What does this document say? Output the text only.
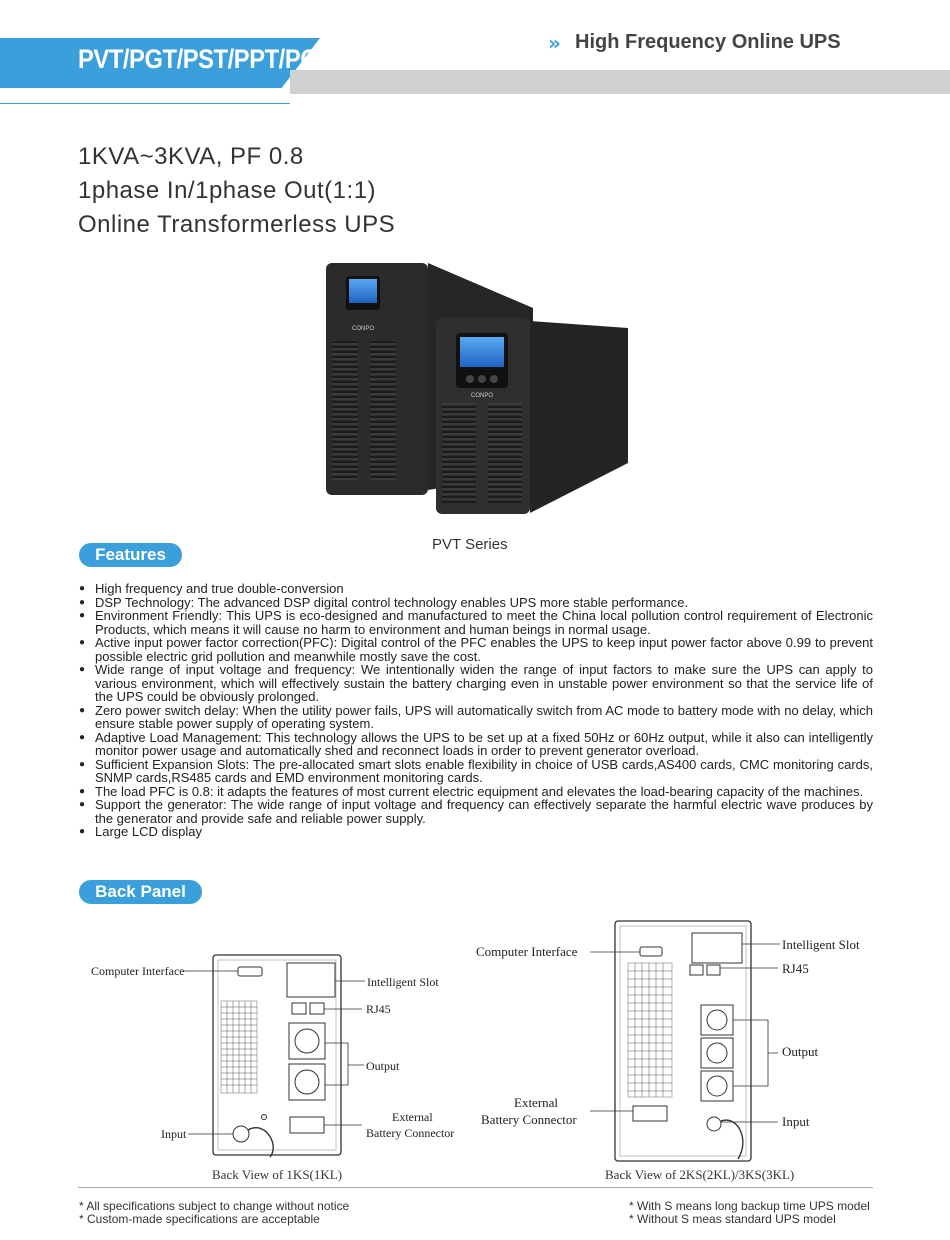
PVT/PGT/PST/PPT/POT
» High Frequency Online UPS
1KVA~3KVA, PF 0.8
1phase In/1phase Out(1:1)
Online Transformerless UPS
CONPO
CONPO
PVT Series
Features
● High frequency and true double-conversion
● DSP Technology: The advanced DSP digital control technology enables UPS more stable performance.
● Environment Friendly: This UPS is eco-designed and manufactured to meet the China local pollution control requirement of Electronic Products, which means it will cause no harm to environment and human beings in normal usage.
● Active input power factor correction(PFC): Digital control of the PFC enables the UPS to keep input power factor above 0.99 to prevent possible electric grid pollution and meanwhile mostly save the cost.
● Wide range of input voltage and frequency: We intentionally widen the range of input factors to make sure the UPS can apply to various environment, which will effectively sustain the battery charging even in unstable power environment so that the service life of the UPS could be obviously prolonged.
● Zero power switch delay: When the utility power fails, UPS will automatically switch from AC mode to battery mode with no delay, which ensure stable power supply of operating system.
● Adaptive Load Management: This technology allows the UPS to be set up at a fixed 50Hz or 60Hz output, while it also can intelligently monitor power usage and automatically shed and reconnect loads in order to prevent generator overload.
● Sufficient Expansion Slots: The pre-allocated smart slots enable flexibility in choice of USB cards,AS400 cards, CMC monitoring cards, SNMP cards,RS485 cards and EMD environment monitoring cards.
● The load PFC is 0.8: it adapts the features of most current electric equipment and elevates the load-bearing capacity of the machines.
● Support the generator: The wide range of input voltage and frequency can effectively separate the harmful electric wave produces by the generator and provide safe and reliable power supply.
● Large LCD display
Back Panel
Computer Interface
Intelligent Slot
RJ45
Output
External
Battery Connector
Input
Back View of 1KS(1KL)
Computer Interface	Intelligent Slot
RJ45
Output
External
Battery Connector	Input
Back View of 2KS(2KL)/3KS(3KL)
* All specifications subject to change without notice
* Custom-made specifications are acceptable
* With S means long backup time UPS model
* Without S meas standard UPS model
